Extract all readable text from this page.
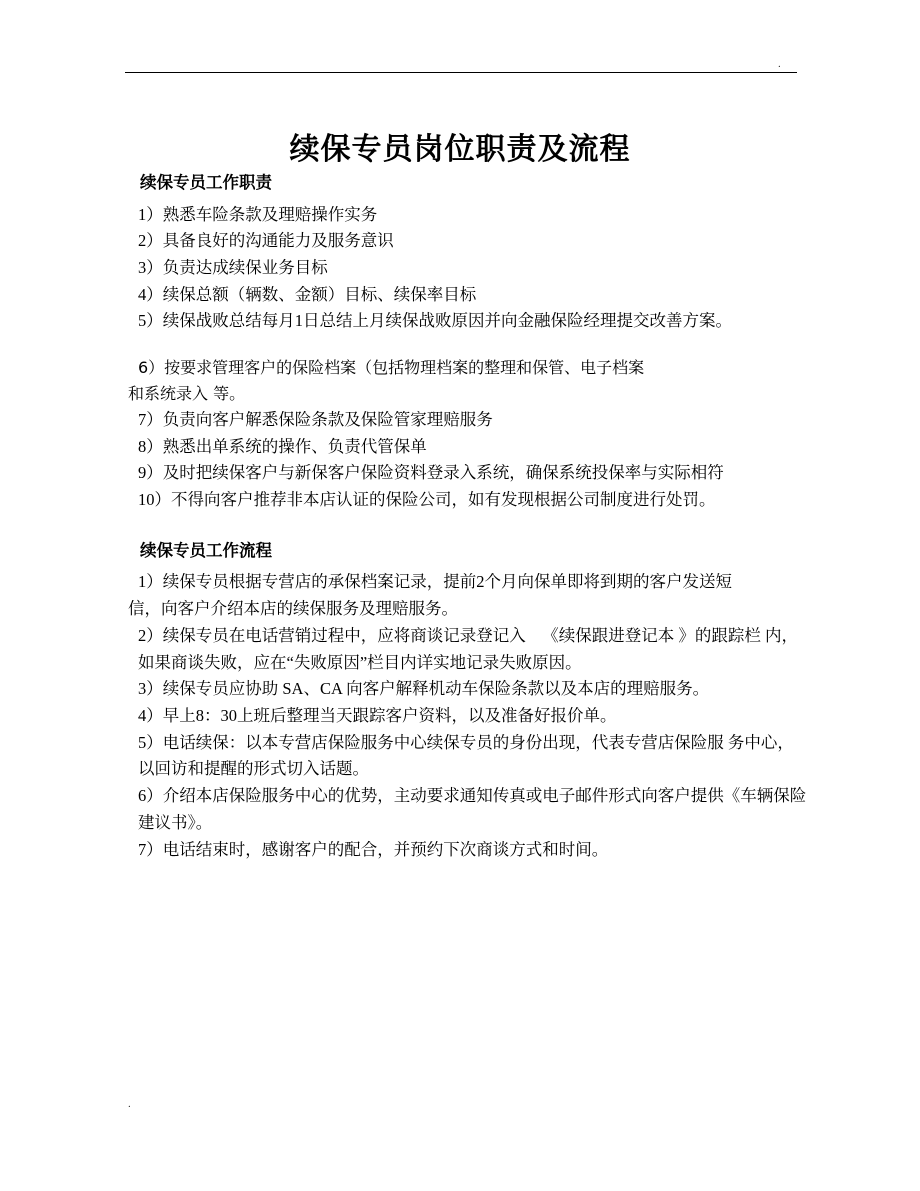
.
续保专员岗位职责及流程
续保专员工作职责

1）熟悉车险条款及理赔操作实务

2）具备良好的沟通能力及服务意识

3）负责达成续保业务目标

4）续保总额（辆数、金额）目标、续保率目标

5）续保战败总结每月1日总结上月续保战败原因并向金融保险经理提交改善方案。

6）按要求管理客户的保险档案（包括物理档案的整理和保管、电子档案

和系统录入 等。

7）负责向客户解悉保险条款及保险管家理赔服务

8）熟悉出单系统的操作、负责代管保单

9）及时把续保客户与新保客户保险资料登录入系统，确保系统投保率与实际相符

10）不得向客户推荐非本店认证的保险公司，如有发现根据公司制度进行处罚。

续保专员工作流程

1）续保专员根据专营店的承保档案记录，提前2个月向保单即将到期的客户发送短

信，向客户介绍本店的续保服务及理赔服务。

2）续保专员在电话营销过程中，应将商谈记录登记入    《续保跟进登记本 》的跟踪栏 内，如果商谈失败，应在“失败原因”栏目内详实地记录失败原因。

3）续保专员应协助 SA、CA 向客户解释机动车保险条款以及本店的理赔服务。

4）早上8：30上班后整理当天跟踪客户资料，以及准备好报价单。

5）电话续保：以本专营店保险服务中心续保专员的身份出现，代表专营店保险服 务中心，以回访和提醒的形式切入话题。

6）介绍本店保险服务中心的优势，主动要求通知传真或电子邮件形式向客户提供《车辆保险建议书》。

7）电话结束时，感谢客户的配合，并预约下次商谈方式和时间。

.
